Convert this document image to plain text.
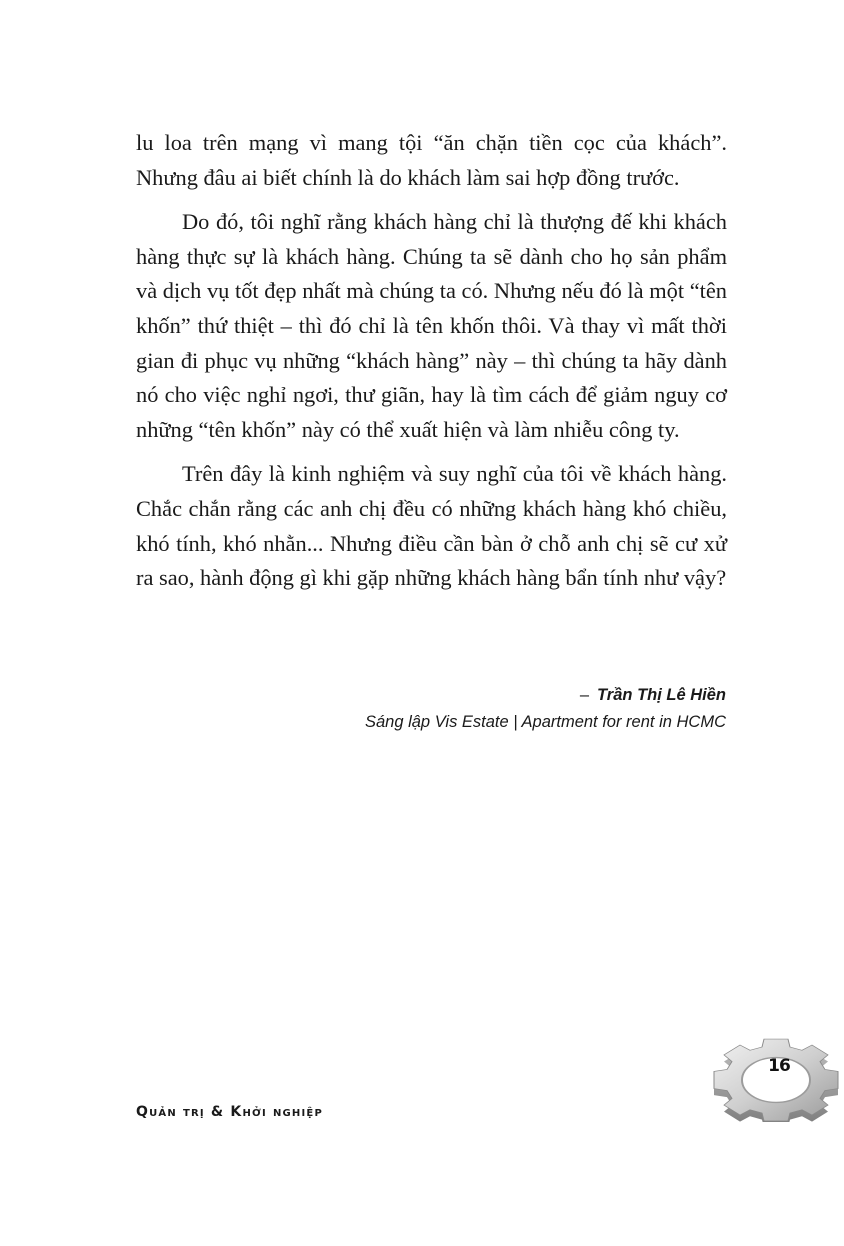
lu loa trên mạng vì mang tội “ăn chặn tiền cọc của khách”. Nhưng đâu ai biết chính là do khách làm sai hợp đồng trước.

Do đó, tôi nghĩ rằng khách hàng chỉ là thượng đế khi khách hàng thực sự là khách hàng. Chúng ta sẽ dành cho họ sản phẩm và dịch vụ tốt đẹp nhất mà chúng ta có. Nhưng nếu đó là một “tên khốn” thứ thiệt – thì đó chỉ là tên khốn thôi. Và thay vì mất thời gian đi phục vụ những “khách hàng” này – thì chúng ta hãy dành nó cho việc nghỉ ngơi, thư giãn, hay là tìm cách để giảm nguy cơ những “tên khốn” này có thể xuất hiện và làm nhiễu công ty.

Trên đây là kinh nghiệm và suy nghĩ của tôi về khách hàng. Chắc chắn rằng các anh chị đều có những khách hàng khó chiều, khó tính, khó nhằn... Nhưng điều cần bàn ở chỗ anh chị sẽ cư xử ra sao, hành động gì khi gặp những khách hàng bẩn tính như vậy?

– Trần Thị Lê Hiền
Sáng lập Vis Estate | Apartment for rent in HCMC
16
Quản trị & Khởi nghiệp
